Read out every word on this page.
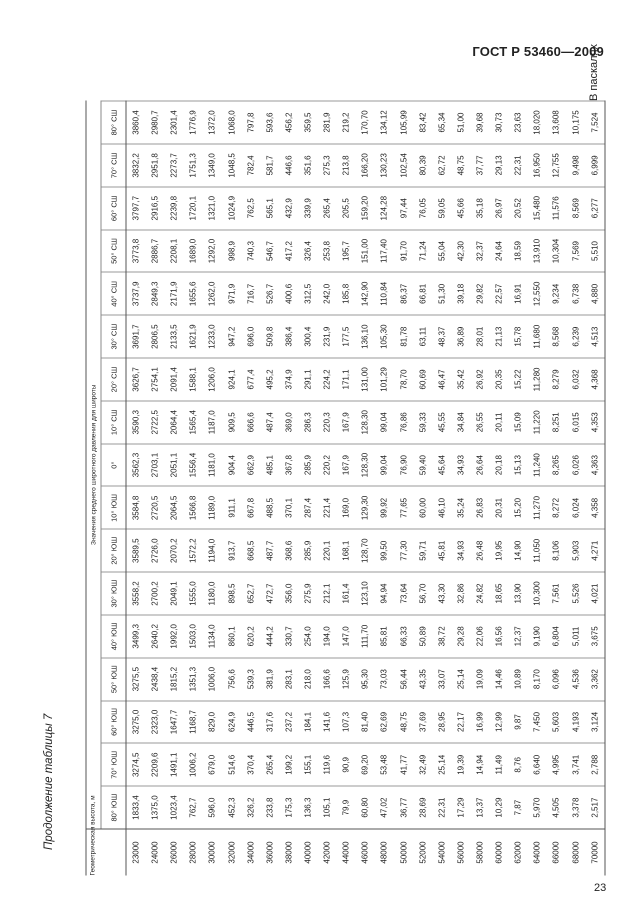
ГОСТ Р 53460—2009
Продолжение таблицы 7
В паскалях
Геометрическая высота, м	Значения среднего широтного давления для широты																
	80° ЮШ	70° ЮШ	60° ЮШ	50° ЮШ	40° ЮШ	30° ЮШ	20° ЮШ	10° ЮШ	0°	10° СШ	20° СШ	30° СШ	40° СШ	50° СШ	60° СШ	70° СШ	80° СШ
23000	1833,4	3274,5	3275,0	3275,5	3499,3	3558,2	3589,5	3584,8	3562,3	3590,3	3626,7	3691,7	3737,9	3773,8	3797,7	3832,2	3860,4
24000	1375,0	2209,6	2323,0	2438,4	2640,2	2700,2	2726,0	2720,5	2703,1	2722,5	2754,1	2806,5	2849,3	2886,7	2916,5	2951,8	2980,7
26000	1023,4	1491,1	1647,7	1815,2	1992,0	2049,1	2070,2	2064,5	2051,1	2064,4	2091,4	2133,5	2171,9	2208,1	2239,8	2273,7	2301,4
28000	762,7	1006,2	1168,7	1351,3	1503,0	1555,0	1572,2	1566,8	1556,4	1565,4	1588,1	1621,9	1655,6	1689,0	1720,1	1751,3	1776,9
30000	596,0	679,0	829,0	1006,0	1134,0	1180,0	1194,0	1189,0	1181,0	1187,0	1206,0	1233,0	1262,0	1292,0	1321,0	1349,0	1372,0
32000	452,3	514,6	624,9	756,6	860,1	898,5	913,7	911,1	904,4	909,5	924,1	947,2	971,9	998,9	1024,9	1048,5	1068,0
34000	326,2	370,4	446,5	539,3	620,2	652,7	668,5	667,8	662,9	666,6	677,4	696,0	716,7	740,3	762,5	782,4	797,8
36000	233,8	265,4	317,6	381,9	444,2	472,7	487,7	488,5	485,1	487,4	495,2	509,8	526,7	546,7	565,1	581,7	593,6
38000	175,3	199,2	237,2	283,1	330,7	356,0	368,6	370,1	367,8	369,0	374,9	386,4	400,6	417,2	432,9	446,6	456,2
40000	136,3	155,1	184,1	218,0	254,0	275,9	285,9	287,4	285,9	286,3	291,1	300,4	312,5	326,4	339,9	351,6	359,5
42000	105,1	119,6	141,6	166,6	194,0	212,1	220,1	221,4	220,2	220,3	224,2	231,9	242,0	253,8	265,4	275,3	281,9
44000	79,9	90,9	107,3	125,9	147,0	161,4	168,1	169,0	167,9	167,9	171,1	177,5	185,8	195,7	205,5	213,8	219,2
46000	60,80	69,20	81,40	95,30	111,70	123,10	128,70	129,30	128,30	128,30	131,00	136,10	142,90	151,00	159,20	166,20	170,70
48000	47,02	53,48	62,69	73,03	85,81	94,94	99,50	99,92	99,04	99,04	101,29	105,30	110,84	117,40	124,28	130,23	134,12
50000	36,77	41,77	48,75	56,44	66,33	73,64	77,30	77,65	76,90	76,86	78,70	81,78	86,37	91,70	97,44	102,54	105,99
52000	28,69	32,49	37,69	43,35	50,89	56,70	59,71	60,00	59,40	59,33	60,69	63,11	66,81	71,24	76,05	80,39	83,42
54000	22,31	25,14	28,95	33,07	38,72	43,30	45,81	46,10	45,64	45,55	46,47	48,37	51,30	55,04	59,05	62,72	65,34
56000	17,29	19,39	22,17	25,14	29,28	32,86	34,93	35,24	34,93	34,84	35,42	36,89	39,18	42,30	45,66	48,75	51,00
58000	13,37	14,94	16,99	19,09	22,06	24,82	26,48	26,83	26,64	26,55	26,92	28,01	29,82	32,37	35,18	37,77	39,68
60000	10,29	11,49	12,99	14,46	16,56	18,65	19,95	20,31	20,18	20,11	20,35	21,13	22,57	24,64	26,97	29,13	30,73
62000	7,87	8,76	9,87	10,89	12,37	13,90	14,90	15,20	15,13	15,09	15,22	15,78	16,91	18,59	20,52	22,31	23,63
64000	5,970	6,640	7,450	8,170	9,190	10,300	11,050	11,270	11,240	11,220	11,280	11,680	12,550	13,910	15,480	16,950	18,020
66000	4,505	4,995	5,603	6,096	6,804	7,561	8,106	8,272	8,265	8,251	8,279	8,568	9,234	10,304	11,576	12,755	13,608
68000	3,378	3,741	4,193	4,536	5,011	5,526	5,903	6,024	6,026	6,015	6,032	6,239	6,738	7,569	8,569	9,498	10,175
70000	2,517	2,788	3,124	3,362	3,675	4,021	4,271	4,358	4,363	4,353	4,368	4,513	4,880	5,510	6,277	6,999	7,524
23
